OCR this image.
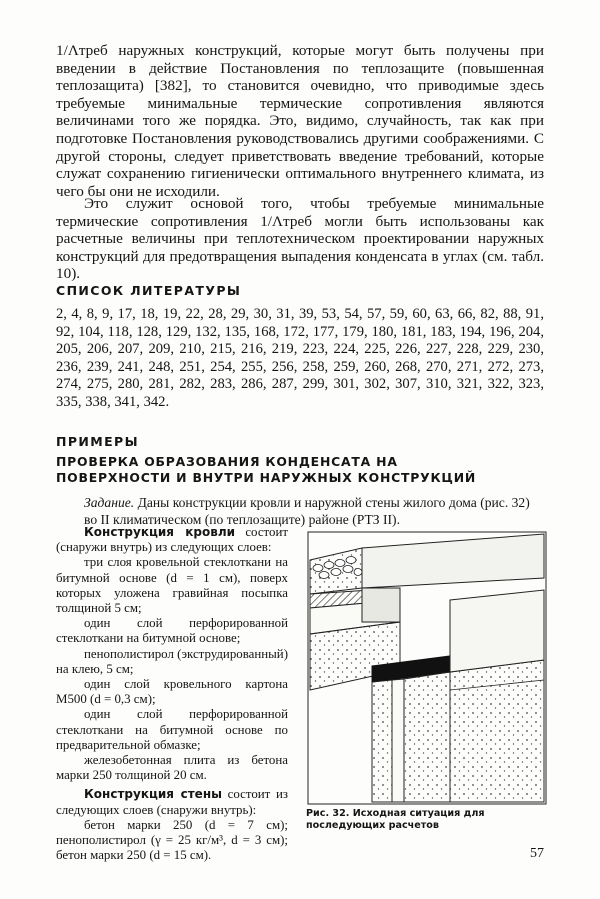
1/Λтреб наружных конструкций, которые могут быть получены при введении в действие Постановления по теплозащите (повышенная теплозащита) [382], то становится очевидно, что приводимые здесь требуемые минимальные термические сопротивления являются величинами того же порядка. Это, видимо, случайность, так как при подготовке Постановления руководствовались другими соображениями. С другой стороны, следует приветствовать введение требований, которые служат сохранению гигиенически оптимального внутреннего климата, из чего бы они не исходили.

Это служит основой того, чтобы требуемые минимальные термические сопротивления 1/Λтреб могли быть использованы как расчетные величины при теплотехническом проектировании наружных конструкций для предотвращения выпадения конденсата в углах (см. табл. 10).

СПИСОК ЛИТЕРАТУРЫ

2, 4, 8, 9, 17, 18, 19, 22, 28, 29, 30, 31, 39, 53, 54, 57, 59, 60, 63, 66, 82, 88, 91, 92, 104, 118, 128, 129, 132, 135, 168, 172, 177, 179, 180, 181, 183, 194, 196, 204, 205, 206, 207, 209, 210, 215, 216, 219, 223, 224, 225, 226, 227, 228, 229, 230, 236, 239, 241, 248, 251, 254, 255, 256, 258, 259, 260, 268, 270, 271, 272, 273, 274, 275, 280, 281, 282, 283, 286, 287, 299, 301, 302, 307, 310, 321, 322, 323, 335, 338, 341, 342.

ПРИМЕРЫ
ПРОВЕРКА ОБРАЗОВАНИЯ КОНДЕНСАТА НА ПОВЕРХНОСТИ И ВНУТРИ НАРУЖНЫХ КОНСТРУКЦИЙ

Задание. Даны конструкции кровли и наружной стены жилого дома (рис. 32) во II климатическом (по теплозащите) районе (РТЗ II).

Конструкция кровли состоит (снаружи внутрь) из следующих слоев:

три слоя кровельной стеклоткани на битумной основе (d = 1 см), поверх которых уложена гравийная посыпка толщиной 5 см;

один слой перфорированной стеклоткани на битумной основе;

пенополистирол (экструдированный) на клею, 5 см;

один слой кровельного картона М500 (d = 0,3 см);

один слой перфорированной стеклоткани на битумной основе по предварительной обмазке;

железобетонная плита из бетона марки 250 толщиной 20 см.

Конструкция стены состоит из следующих слоев (снаружи внутрь):

бетон марки 250 (d = 7 см); пенополистирол (γ = 25 кг/м³, d = 3 см); бетон марки 250 (d = 15 см).

Рис. 32. Исходная ситуация для последующих расчетов

57
